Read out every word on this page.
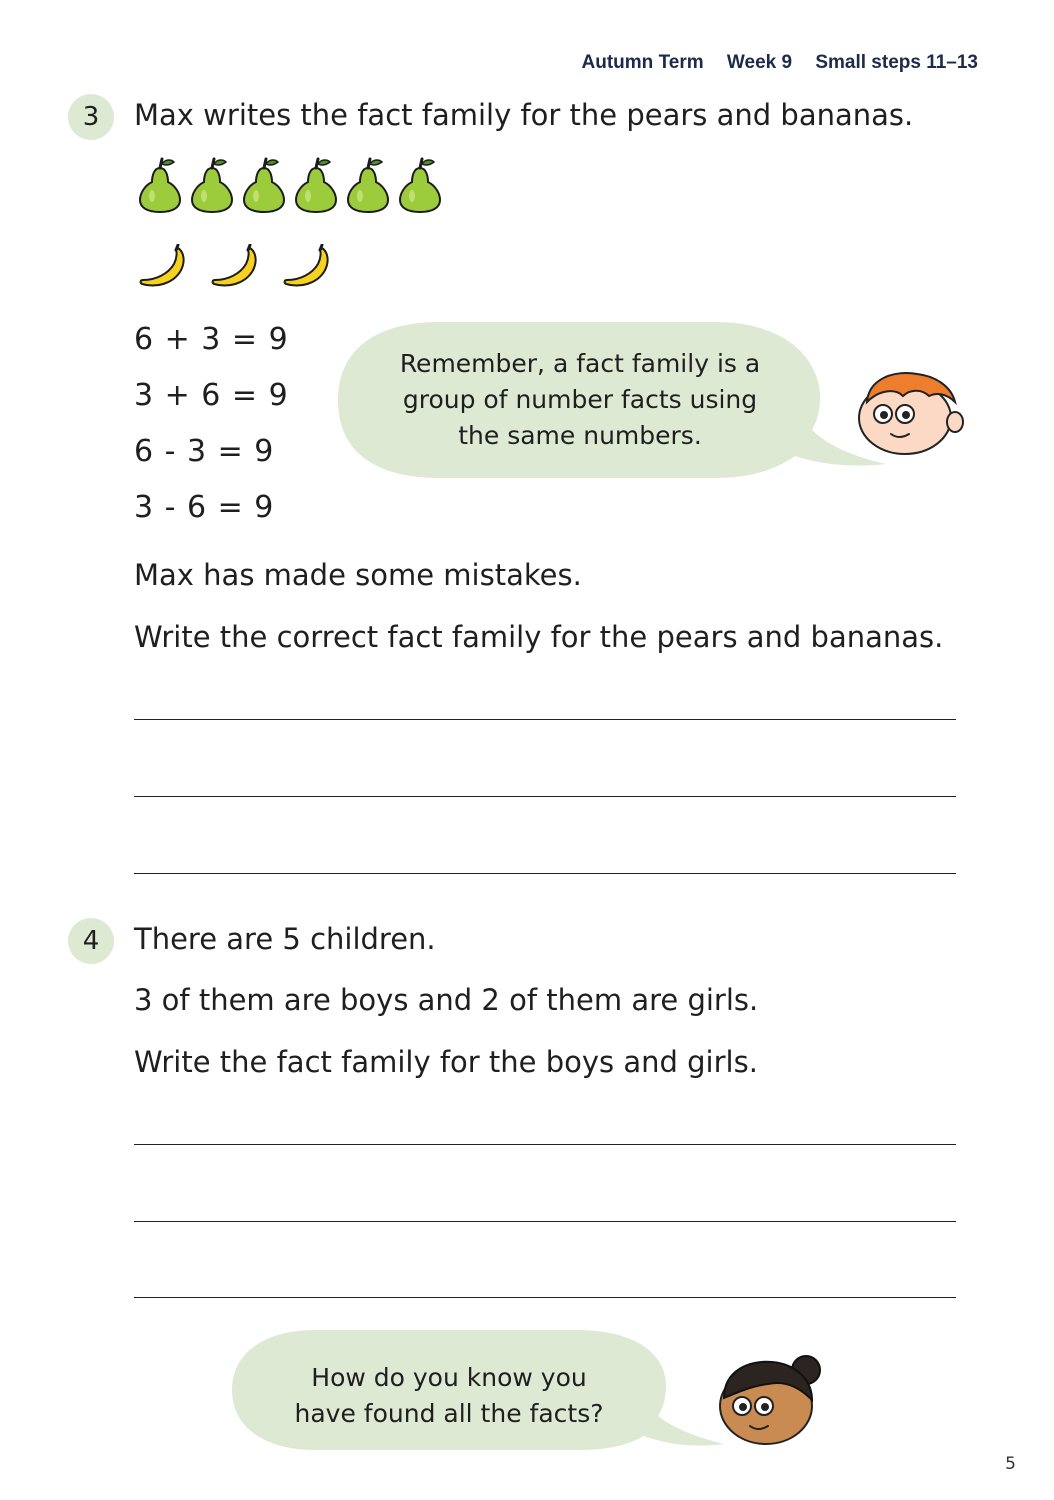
Autumn Term Week 9 Small steps 11–13
3	Max writes the fact family for the pears and bananas.
6 + 3 = 9
3 + 6 = 9
6 - 3 = 9
3 - 6 = 9
Remember, a fact family is a
group of number facts using
the same numbers.
Max has made some mistakes.
Write the correct fact family for the pears and bananas.
4	There are 5 children.
3 of them are boys and 2 of them are girls.
Write the fact family for the boys and girls.
How do you know you
have found all the facts?
5
